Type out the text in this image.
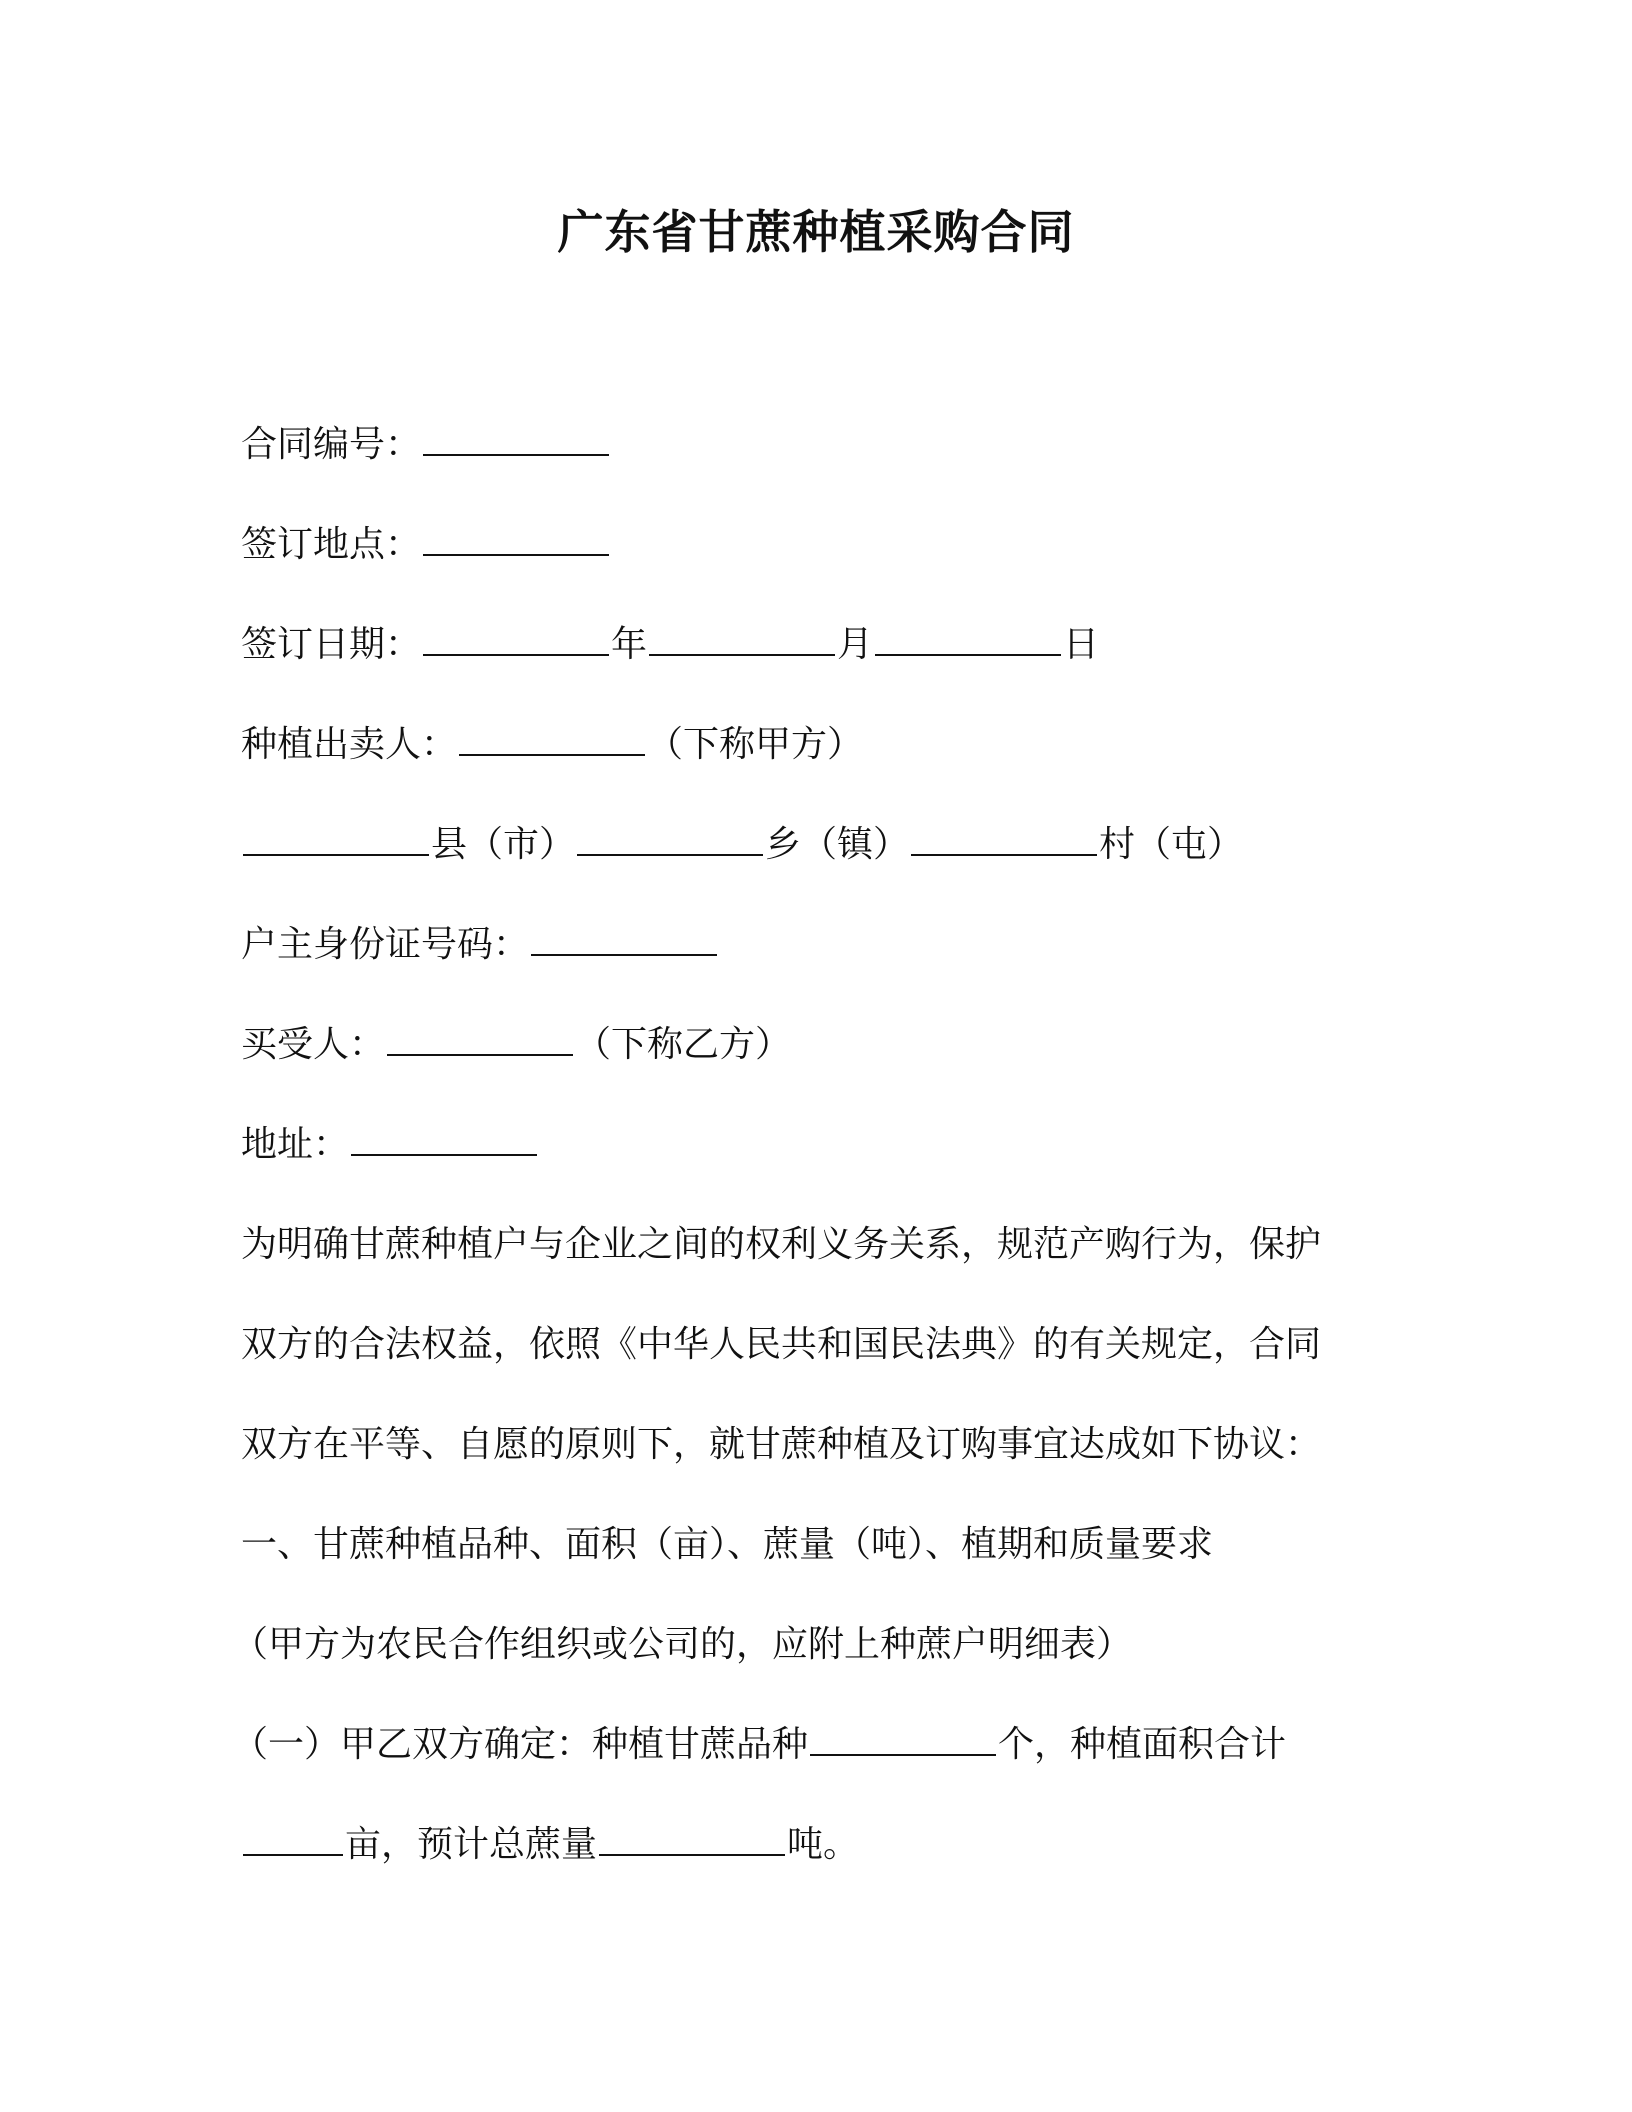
广东省甘蔗种植采购合同
合同编号：
签订地点：
签订日期：	年	月	日
种植出卖人：	（下称甲方）
县（市）	乡（镇）	村（屯）
户主身份证号码：
买受人：	（下称乙方）
地址：
为明确甘蔗种植户与企业之间的权利义务关系，规范产购行为，保护
双方的合法权益，依照《中华人民共和国民法典》的有关规定，合同
双方在平等、自愿的原则下，就甘蔗种植及订购事宜达成如下协议：
一、甘蔗种植品种、面积（亩）、蔗量（吨）、植期和质量要求
（甲方为农民合作组织或公司的，应附上种蔗户明细表）
（一）甲乙双方确定：种植甘蔗品种	个，种植面积合计
亩，预计总蔗量	吨。
